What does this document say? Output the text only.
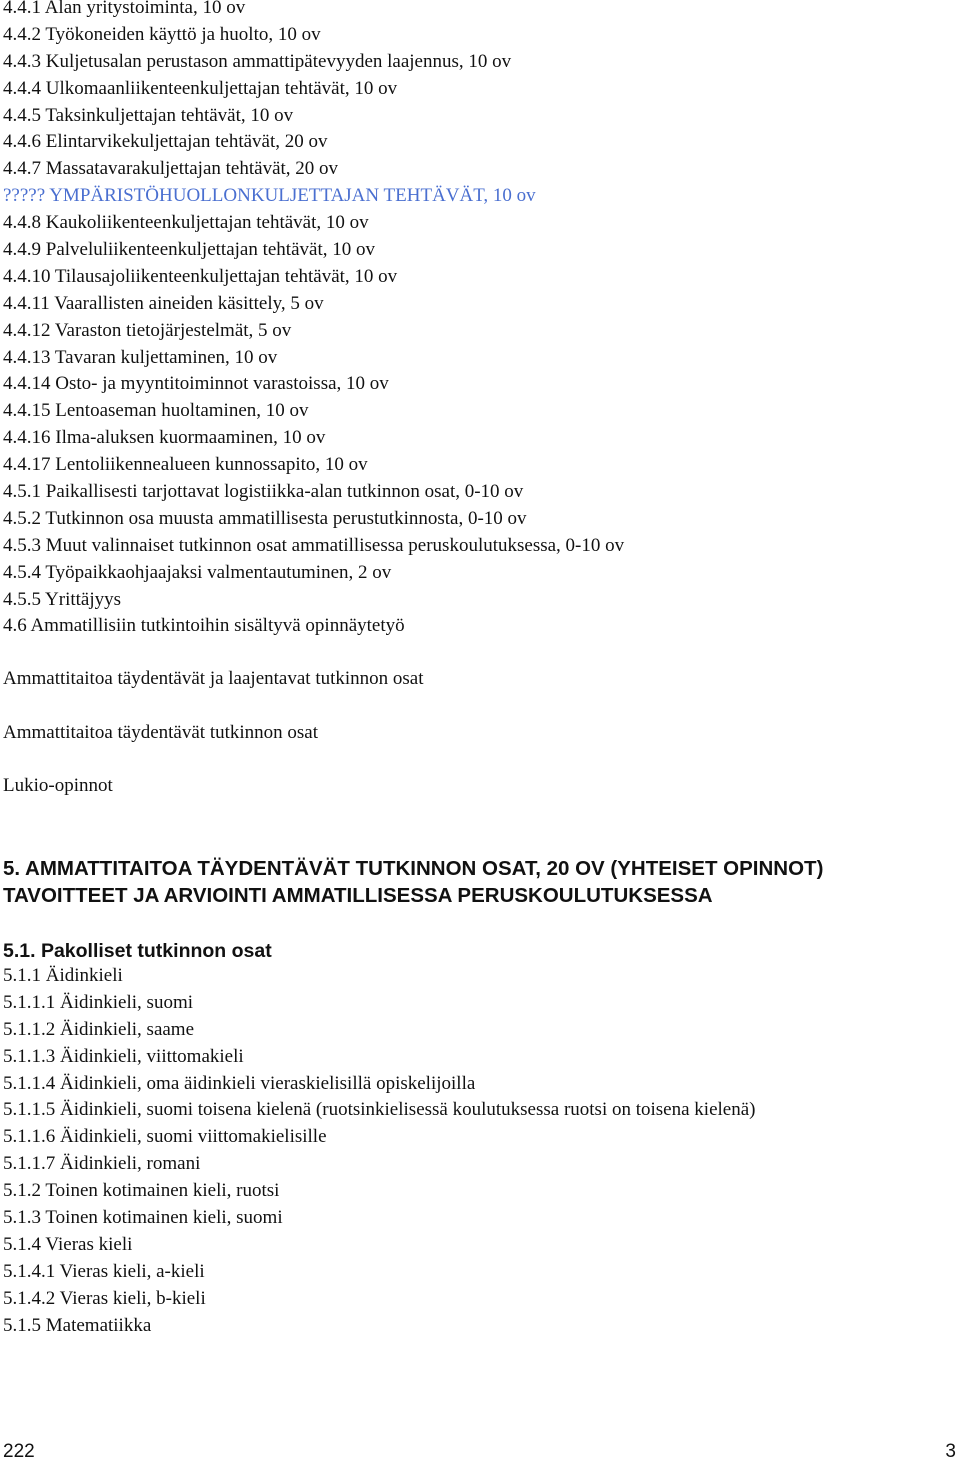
4.4.1 Alan yritystoiminta, 10 ov
4.4.2 Työkoneiden käyttö ja huolto, 10 ov
4.4.3 Kuljetusalan perustason ammattipätevyyden laajennus, 10 ov
4.4.4 Ulkomaanliikenteenkuljettajan tehtävät, 10 ov
4.4.5 Taksinkuljettajan tehtävät, 10 ov
4.4.6 Elintarvikekuljettajan tehtävät, 20 ov
4.4.7 Massatavarakuljettajan tehtävät, 20 ov
????? YMPÄRISTÖHUOLLONKULJETTAJAN TEHTÄVÄT, 10 ov
4.4.8 Kaukoliikenteenkuljettajan tehtävät, 10 ov
4.4.9 Palveluliikenteenkuljettajan tehtävät, 10 ov
4.4.10 Tilausajoliikenteenkuljettajan tehtävät, 10 ov
4.4.11 Vaarallisten aineiden käsittely, 5 ov
4.4.12 Varaston tietojärjestelmät, 5 ov
4.4.13 Tavaran kuljettaminen, 10 ov
4.4.14 Osto- ja myyntitoiminnot varastoissa, 10 ov
4.4.15 Lentoaseman huoltaminen, 10 ov
4.4.16 Ilma-aluksen kuormaaminen, 10 ov
4.4.17 Lentoliikennealueen kunnossapito, 10 ov
4.5.1 Paikallisesti tarjottavat logistiikka-alan tutkinnon osat, 0-10 ov
4.5.2 Tutkinnon osa muusta ammatillisesta perustutkinnosta, 0-10 ov
4.5.3 Muut valinnaiset tutkinnon osat ammatillisessa peruskoulutuksessa, 0-10 ov
4.5.4 Työpaikkaohjaajaksi valmentautuminen, 2 ov
4.5.5 Yrittäjyys
4.6 Ammatillisiin tutkintoihin sisältyvä opinnäytetyö
Ammattitaitoa täydentävät ja laajentavat tutkinnon osat
Ammattitaitoa täydentävät tutkinnon osat
Lukio-opinnot
5. AMMATTITAITOA TÄYDENTÄVÄT TUTKINNON OSAT, 20 OV (YHTEISET OPINNOT) TAVOITTEET JA ARVIOINTI AMMATILLISESSA PERUSKOULUTUKSESSA
5.1. Pakolliset tutkinnon osat
5.1.1 Äidinkieli
5.1.1.1 Äidinkieli, suomi
5.1.1.2 Äidinkieli, saame
5.1.1.3 Äidinkieli, viittomakieli
5.1.1.4 Äidinkieli, oma äidinkieli vieraskielisillä opiskelijoilla
5.1.1.5 Äidinkieli, suomi toisena kielenä (ruotsinkielisessä koulutuksessa ruotsi on toisena kielenä)
5.1.1.6 Äidinkieli, suomi viittomakielisille
5.1.1.7 Äidinkieli, romani
5.1.2 Toinen kotimainen kieli, ruotsi
5.1.3 Toinen kotimainen kieli, suomi
5.1.4 Vieras kieli
5.1.4.1 Vieras kieli, a-kieli
5.1.4.2 Vieras kieli, b-kieli
5.1.5 Matematiikka
222	3
